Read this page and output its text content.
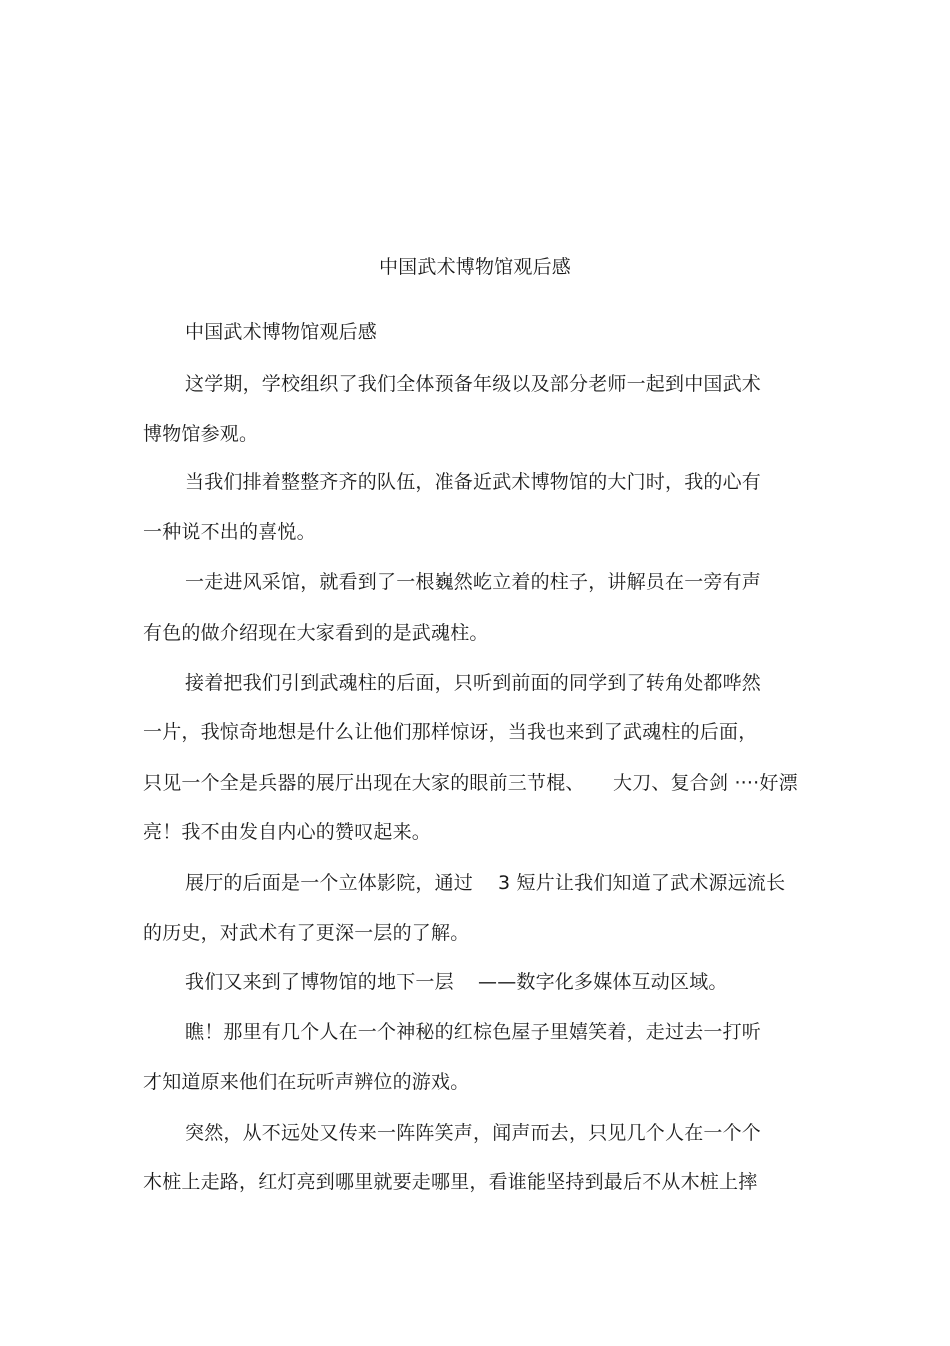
中国武术博物馆观后感
中国武术博物馆观后感
这学期，学校组织了我们全体预备年级以及部分老师一起到中国武术
博物馆参观。
当我们排着整整齐齐的队伍，准备近武术博物馆的大门时，我的心有
一种说不出的喜悦。
一走进风采馆，就看到了一根巍然屹立着的柱子，讲解员在一旁有声
有色的做介绍现在大家看到的是武魂柱。
接着把我们引到武魂柱的后面，只听到前面的同学到了转角处都哗然
一片，我惊奇地想是什么让他们那样惊讶，当我也来到了武魂柱的后面，
只见一个全是兵器的展厅出现在大家的眼前三节棍、 大刀、复合剑 ····好漂
亮！我不由发自内心的赞叹起来。
展厅的后面是一个立体影院，通过 3 短片让我们知道了武术源远流长
的历史，对武术有了更深一层的了解。
我们又来到了博物馆的地下一层 ——数字化多媒体互动区域。
瞧！那里有几个人在一个神秘的红棕色屋子里嬉笑着，走过去一打听
才知道原来他们在玩听声辨位的游戏。
突然，从不远处又传来一阵阵笑声，闻声而去，只见几个人在一个个
木桩上走路，红灯亮到哪里就要走哪里，看谁能坚持到最后不从木桩上摔
